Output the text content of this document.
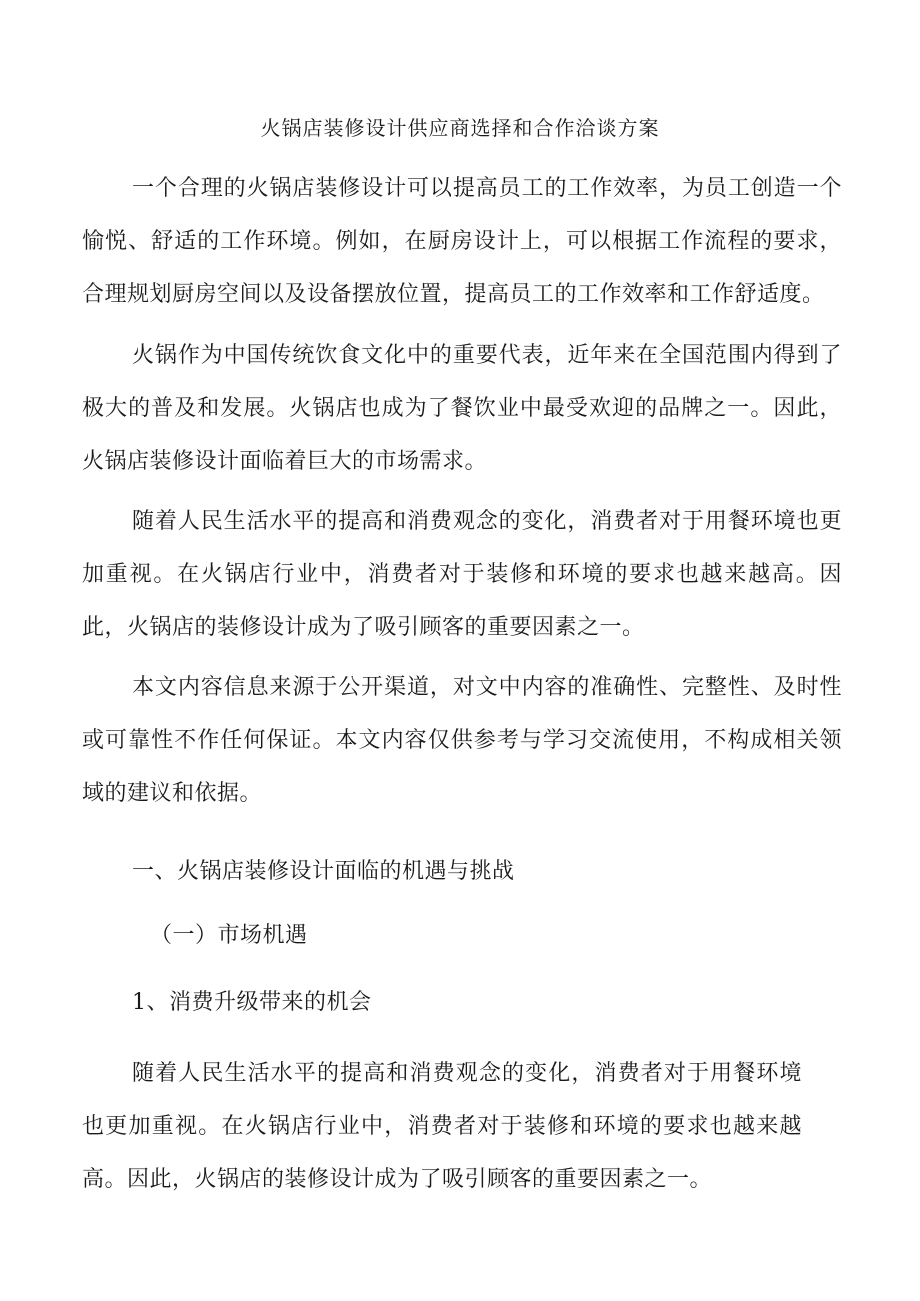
火锅店装修设计供应商选择和合作洽谈方案

一个合理的火锅店装修设计可以提高员工的工作效率，为员工创造一个愉悦、舒适的工作环境。例如，在厨房设计上，可以根据工作流程的要求，合理规划厨房空间以及设备摆放位置，提高员工的工作效率和工作舒适度。

火锅作为中国传统饮食文化中的重要代表，近年来在全国范围内得到了极大的普及和发展。火锅店也成为了餐饮业中最受欢迎的品牌之一。因此，火锅店装修设计面临着巨大的市场需求。

随着人民生活水平的提高和消费观念的变化，消费者对于用餐环境也更加重视。在火锅店行业中，消费者对于装修和环境的要求也越来越高。因此，火锅店的装修设计成为了吸引顾客的重要因素之一。

本文内容信息来源于公开渠道，对文中内容的准确性、完整性、及时性或可靠性不作任何保证。本文内容仅供参考与学习交流使用，不构成相关领域的建议和依据。

一、火锅店装修设计面临的机遇与挑战
（一）市场机遇
1、消费升级带来的机会

随着人民生活水平的提高和消费观念的变化，消费者对于用餐环境也更加重视。在火锅店行业中，消费者对于装修和环境的要求也越来越高。因此，火锅店的装修设计成为了吸引顾客的重要因素之一。
